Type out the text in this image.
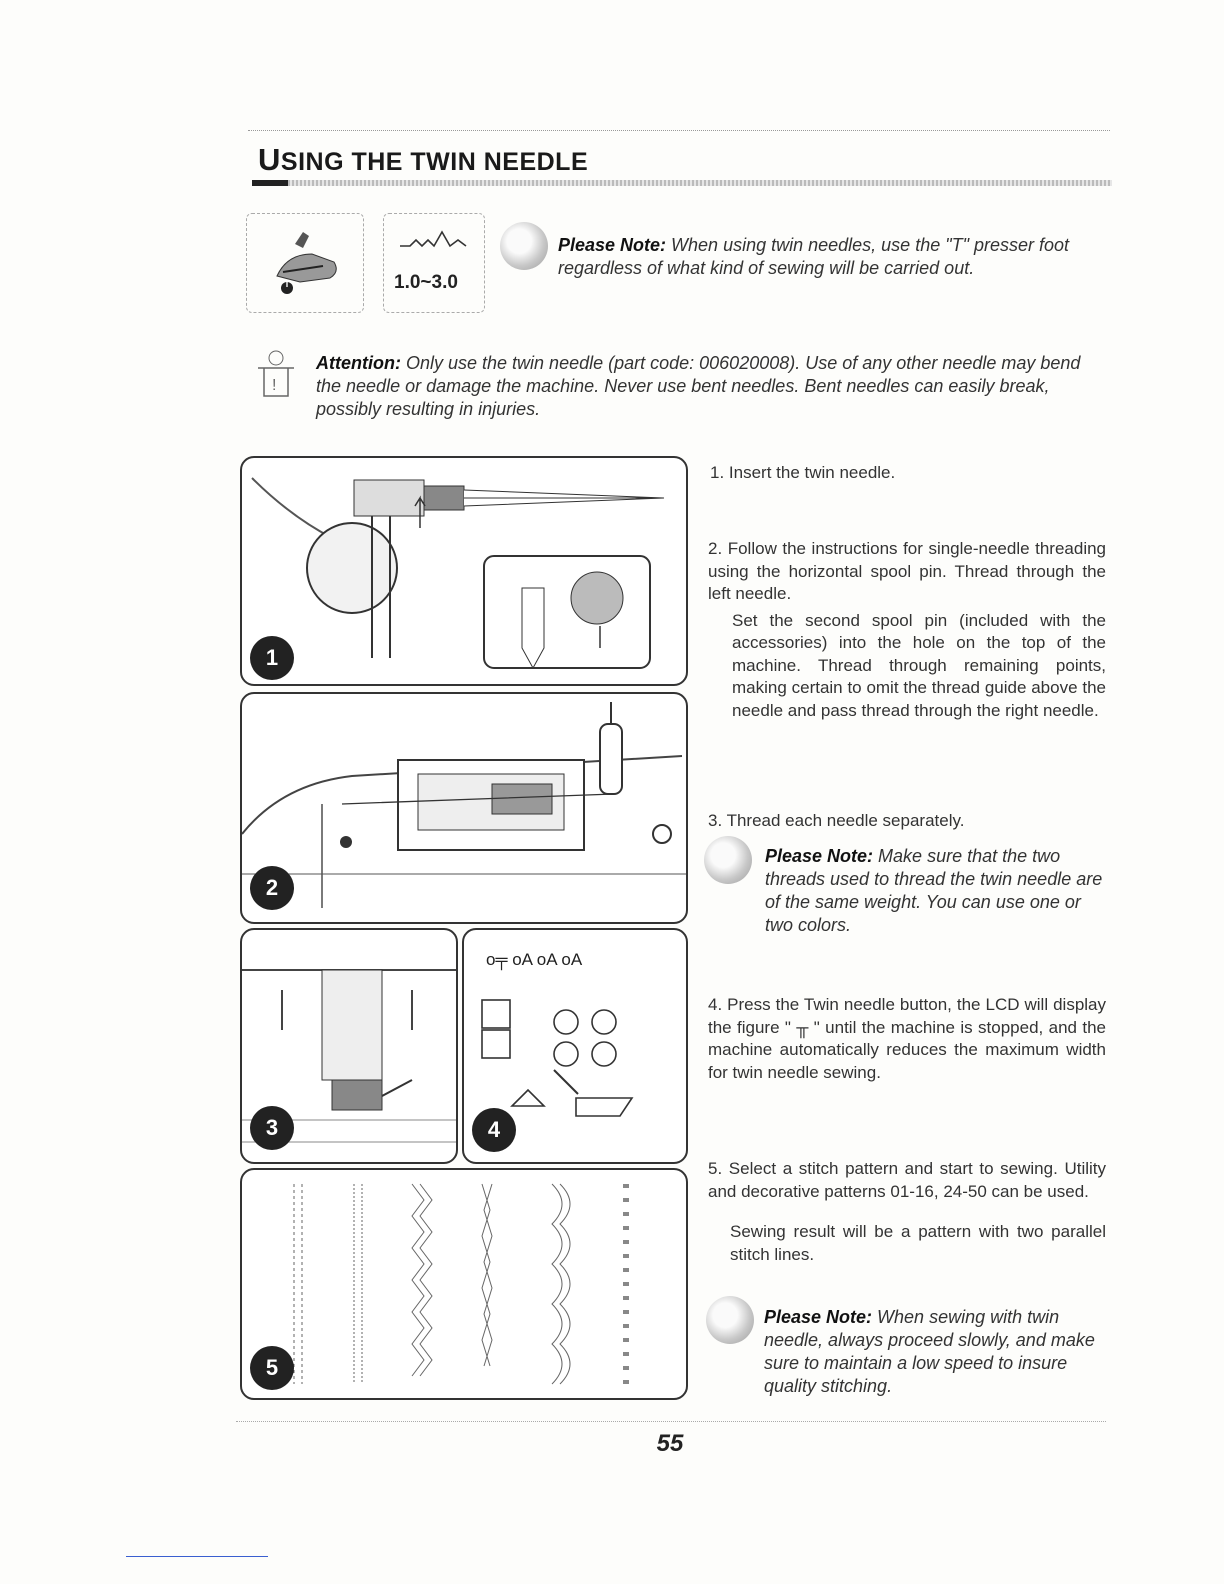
USING THE TWIN NEEDLE
T	1.0~3.0
Please Note: When using twin needles, use the "T" presser foot regardless of what kind of sewing will be carried out.
!
Attention: Only use the twin needle (part code: 006020008). Use of any other needle may bend the needle or damage the machine. Never use bent needles. Bent needles can easily break, possibly resulting in injuries.
1
2
3
o╤ oA oA oA
4
5

1. Insert the twin needle.

2. Follow the instructions for single-needle threading using the horizontal spool pin. Thread through the left needle.

Set the second spool pin (included with the accessories) into the hole on the top of the machine. Thread through remaining points, making certain to omit the thread guide above the needle and pass thread through the right needle.

3. Thread each needle separately.

Please Note: Make sure that the two threads used to thread the twin needle are of the same weight. You can use one or two colors.

4. Press the Twin needle button, the LCD will display the figure " ╥ " until the machine is stopped, and the machine automatically reduces the maximum width for twin needle sewing.

5. Select a stitch pattern and start to sewing. Utility and decorative patterns 01-16, 24-50 can be used.

Sewing result will be a pattern with two parallel stitch lines.

Please Note: When sewing with twin needle, always proceed slowly, and make sure to maintain a low speed to insure quality stitching.
55
